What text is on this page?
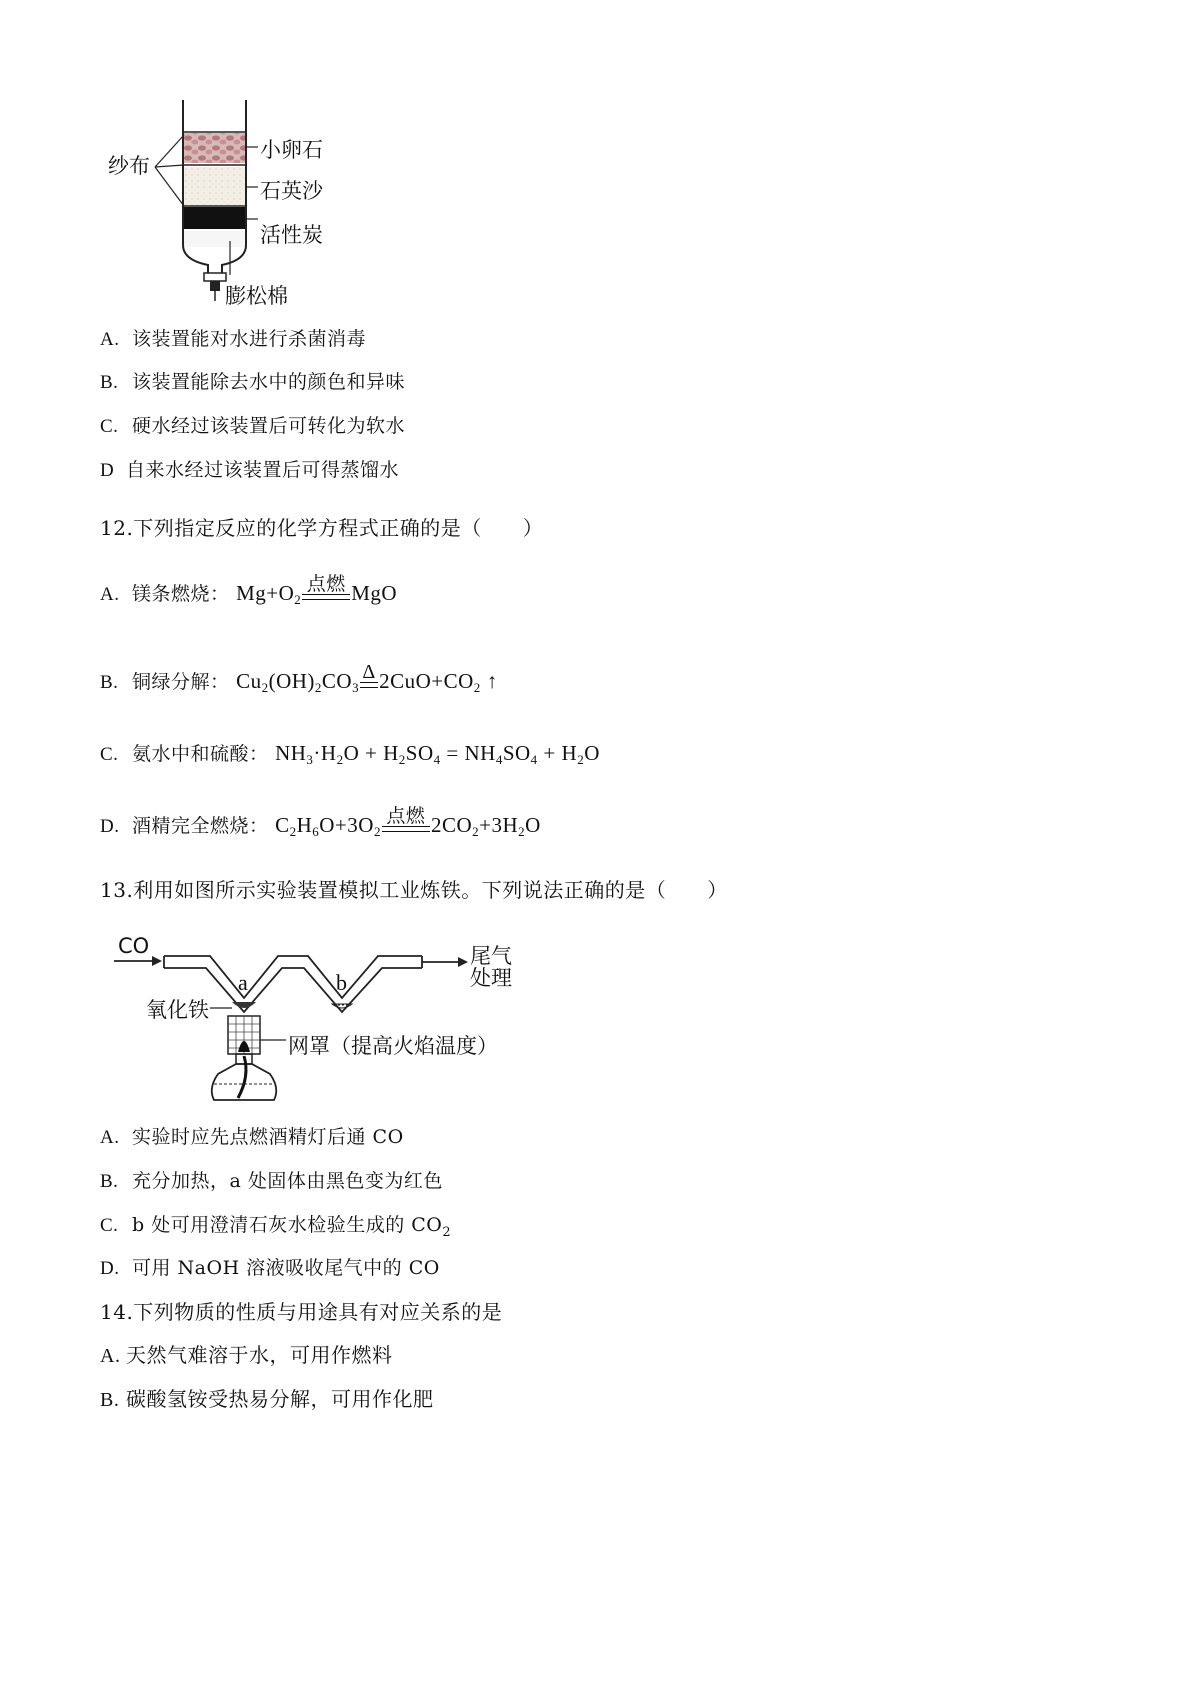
纱布
小卵石
石英沙
活性炭
膨松棉
A. 该装置能对水进行杀菌消毒
B. 该装置能除去水中的颜色和异味
C. 硬水经过该装置后可转化为软水
D 自来水经过该装置后可得蒸馏水
12.下列指定反应的化学方程式正确的是（　　）
A. 镁条燃烧： $Mg+O_2$
点燃 MgO
B. 铜绿分解： $Cu_2(OH)_2CO_3$
Δ $2CuO+CO_2$ ↑
C. 氨水中和硫酸： $NH_3\cdot H_2O + H_2SO_4 = NH_4SO_4 + H_2O$
D. 酒精完全燃烧： $C_2H_6O+3O_2$
点燃 $2CO_2+3H_2O$
13.利用如图所示实验装置模拟工业炼铁。下列说法正确的是（　　）
CO
a	b
尾气
处理
氧化铁
网罩（提高火焰温度）
A. 实验时应先点燃酒精灯后通 CO
B. 充分加热，a 处固体由黑色变为红色
C. b 处可用澄清石灰水检验生成的 $CO_2$
D. 可用 NaOH 溶液吸收尾气中的 CO
14.下列物质的性质与用途具有对应关系的是
A. 天然气难溶于水，可用作燃料
B. 碳酸氢铵受热易分解，可用作化肥
